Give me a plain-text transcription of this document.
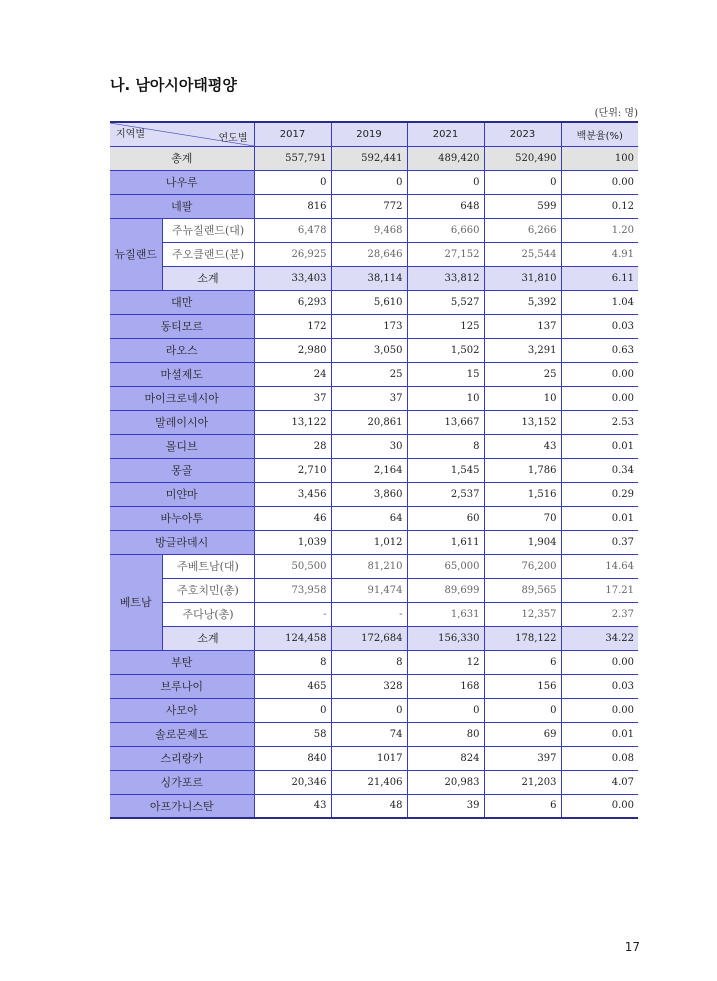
나. 남아시아태평양
(단위: 명)
연도별
지역별		2017	2019	2021	2023	백분율(%)
총계		557,791	592,441	489,420	520,490	100
나우루		0	0	0	0	0.00
네팔		816	772	648	599	0.12
뉴질랜드	주뉴질랜드(대)	6,478	9,468	6,660	6,266	1.20
	주오클랜드(분)	26,925	28,646	27,152	25,544	4.91
	소계	33,403	38,114	33,812	31,810	6.11
대만		6,293	5,610	5,527	5,392	1.04
동티모르		172	173	125	137	0.03
라오스		2,980	3,050	1,502	3,291	0.63
마셜제도		24	25	15	25	0.00
마이크로네시아		37	37	10	10	0.00
말레이시아		13,122	20,861	13,667	13,152	2.53
몰디브		28	30	8	43	0.01
몽골		2,710	2,164	1,545	1,786	0.34
미얀마		3,456	3,860	2,537	1,516	0.29
바누아투		46	64	60	70	0.01
방글라데시		1,039	1,012	1,611	1,904	0.37
베트남	주베트남(대)	50,500	81,210	65,000	76,200	14.64
	주호치민(총)	73,958	91,474	89,699	89,565	17.21
	주다낭(총)	-	-	1,631	12,357	2.37
	소계	124,458	172,684	156,330	178,122	34.22
부탄		8	8	12	6	0.00
브루나이		465	328	168	156	0.03
사모아		0	0	0	0	0.00
솔로몬제도		58	74	80	69	0.01
스리랑카		840	1017	824	397	0.08
싱가포르		20,346	21,406	20,983	21,203	4.07
아프가니스탄		43	48	39	6	0.00
17
